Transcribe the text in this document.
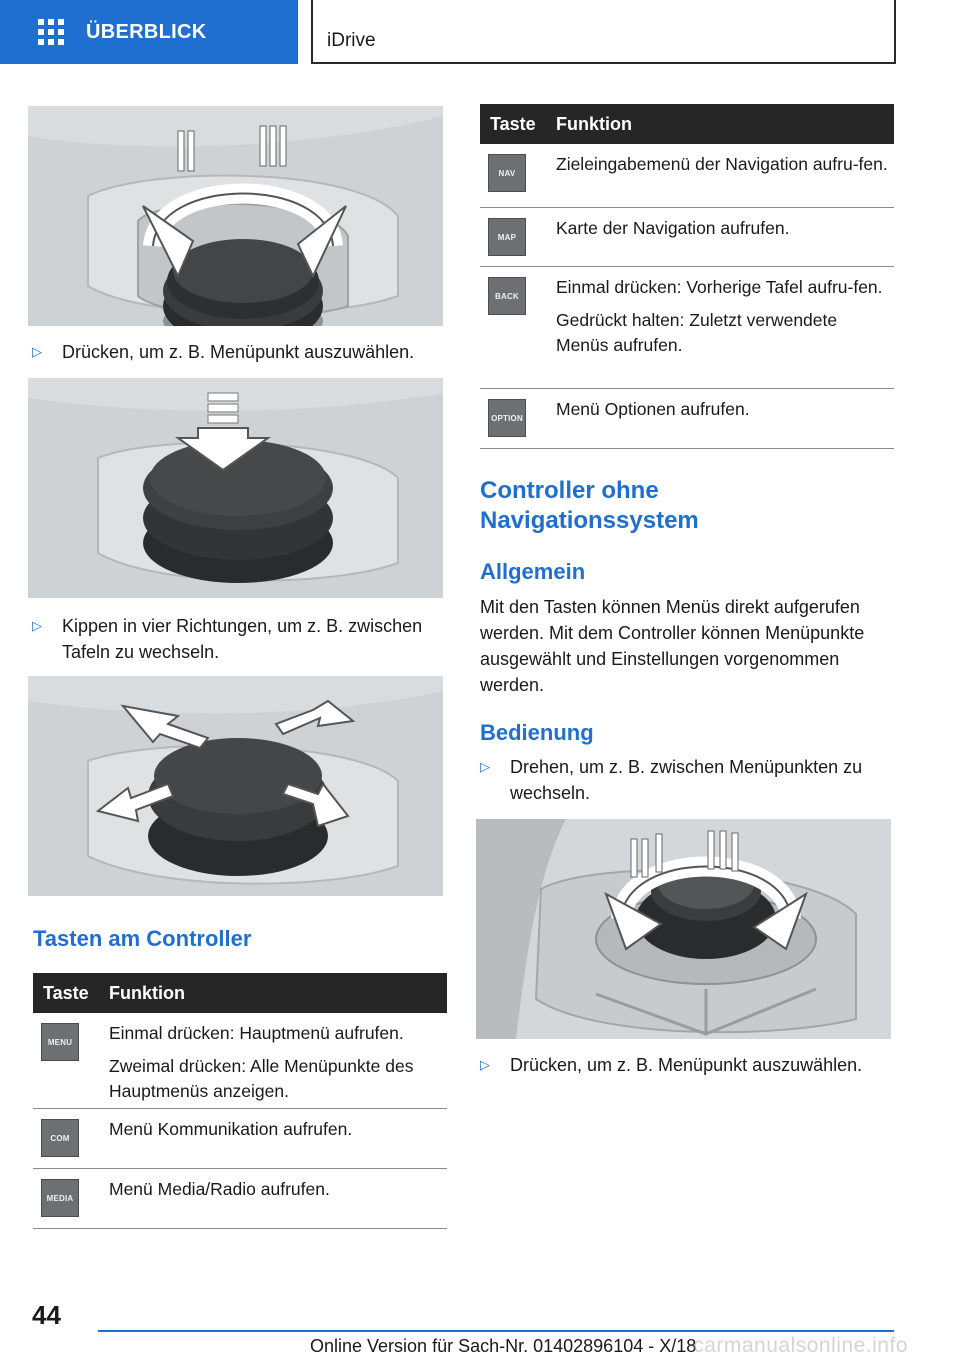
ÜBERBLICK	iDrive
▷	Drücken, um z. B. Menüpunkt auszuwählen.
▷	Kippen in vier Richtungen, um z. B. zwischen Tafeln zu wechseln.
Tasten am Controller
Taste	Funktion
MENU	Einmal drücken: Hauptmenü aufrufen.

Zweimal drücken: Alle Menüpunkte des Hauptmenüs anzeigen.

COM	Menü Kommunikation aufrufen.

MEDIA	Menü Media/Radio aufrufen.

Taste	Funktion
NAV	Zieleingabemenü der Navigation aufru-fen.

MAP	Karte der Navigation aufrufen.

BACK	Einmal drücken: Vorherige Tafel aufru-fen.

Gedrückt halten: Zuletzt verwendete Menüs aufrufen.

OPTION Menü Optionen aufrufen.

Controller ohne Navigationssystem
Allgemein
Mit den Tasten können Menüs direkt aufgerufen werden. Mit dem Controller können Menüpunkte ausgewählt und Einstellungen vorgenommen werden.
Bedienung
▷	Drehen, um z. B. zwischen Menüpunkten zu wechseln.
▷	Drücken, um z. B. Menüpunkt auszuwählen.
44
Online Version für Sach-Nr. 01402896104 - X/18
carmanualsonline.info
